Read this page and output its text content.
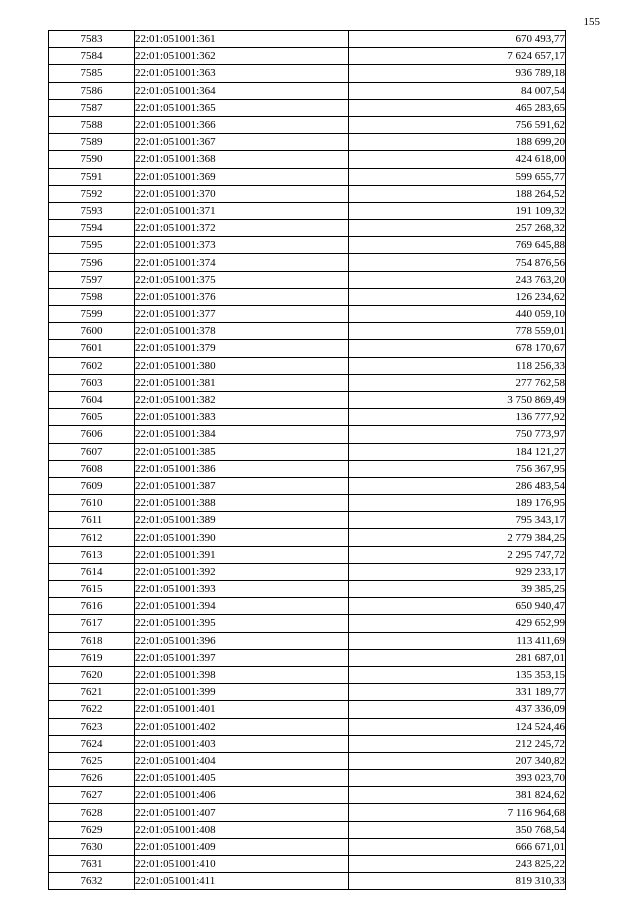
155
7583	22:01:051001:361	670 493,77
7584	22:01:051001:362	7 624 657,17
7585	22:01:051001:363	936 789,18
7586	22:01:051001:364	84 007,54
7587	22:01:051001:365	465 283,65
7588	22:01:051001:366	756 591,62
7589	22:01:051001:367	188 699,20
7590	22:01:051001:368	424 618,00
7591	22:01:051001:369	599 655,77
7592	22:01:051001:370	188 264,52
7593	22:01:051001:371	191 109,32
7594	22:01:051001:372	257 268,32
7595	22:01:051001:373	769 645,88
7596	22:01:051001:374	754 876,56
7597	22:01:051001:375	243 763,20
7598	22:01:051001:376	126 234,62
7599	22:01:051001:377	440 059,10
7600	22:01:051001:378	778 559,01
7601	22:01:051001:379	678 170,67
7602	22:01:051001:380	118 256,33
7603	22:01:051001:381	277 762,58
7604	22:01:051001:382	3 750 869,49
7605	22:01:051001:383	136 777,92
7606	22:01:051001:384	750 773,97
7607	22:01:051001:385	184 121,27
7608	22:01:051001:386	756 367,95
7609	22:01:051001:387	286 483,54
7610	22:01:051001:388	189 176,95
7611	22:01:051001:389	795 343,17
7612	22:01:051001:390	2 779 384,25
7613	22:01:051001:391	2 295 747,72
7614	22:01:051001:392	929 233,17
7615	22:01:051001:393	39 385,25
7616	22:01:051001:394	650 940,47
7617	22:01:051001:395	429 652,99
7618	22:01:051001:396	113 411,69
7619	22:01:051001:397	281 687,01
7620	22:01:051001:398	135 353,15
7621	22:01:051001:399	331 189,77
7622	22:01:051001:401	437 336,09
7623	22:01:051001:402	124 524,46
7624	22:01:051001:403	212 245,72
7625	22:01:051001:404	207 340,82
7626	22:01:051001:405	393 023,70
7627	22:01:051001:406	381 824,62
7628	22:01:051001:407	7 116 964,68
7629	22:01:051001:408	350 768,54
7630	22:01:051001:409	666 671,01
7631	22:01:051001:410	243 825,22
7632	22:01:051001:411	819 310,33
